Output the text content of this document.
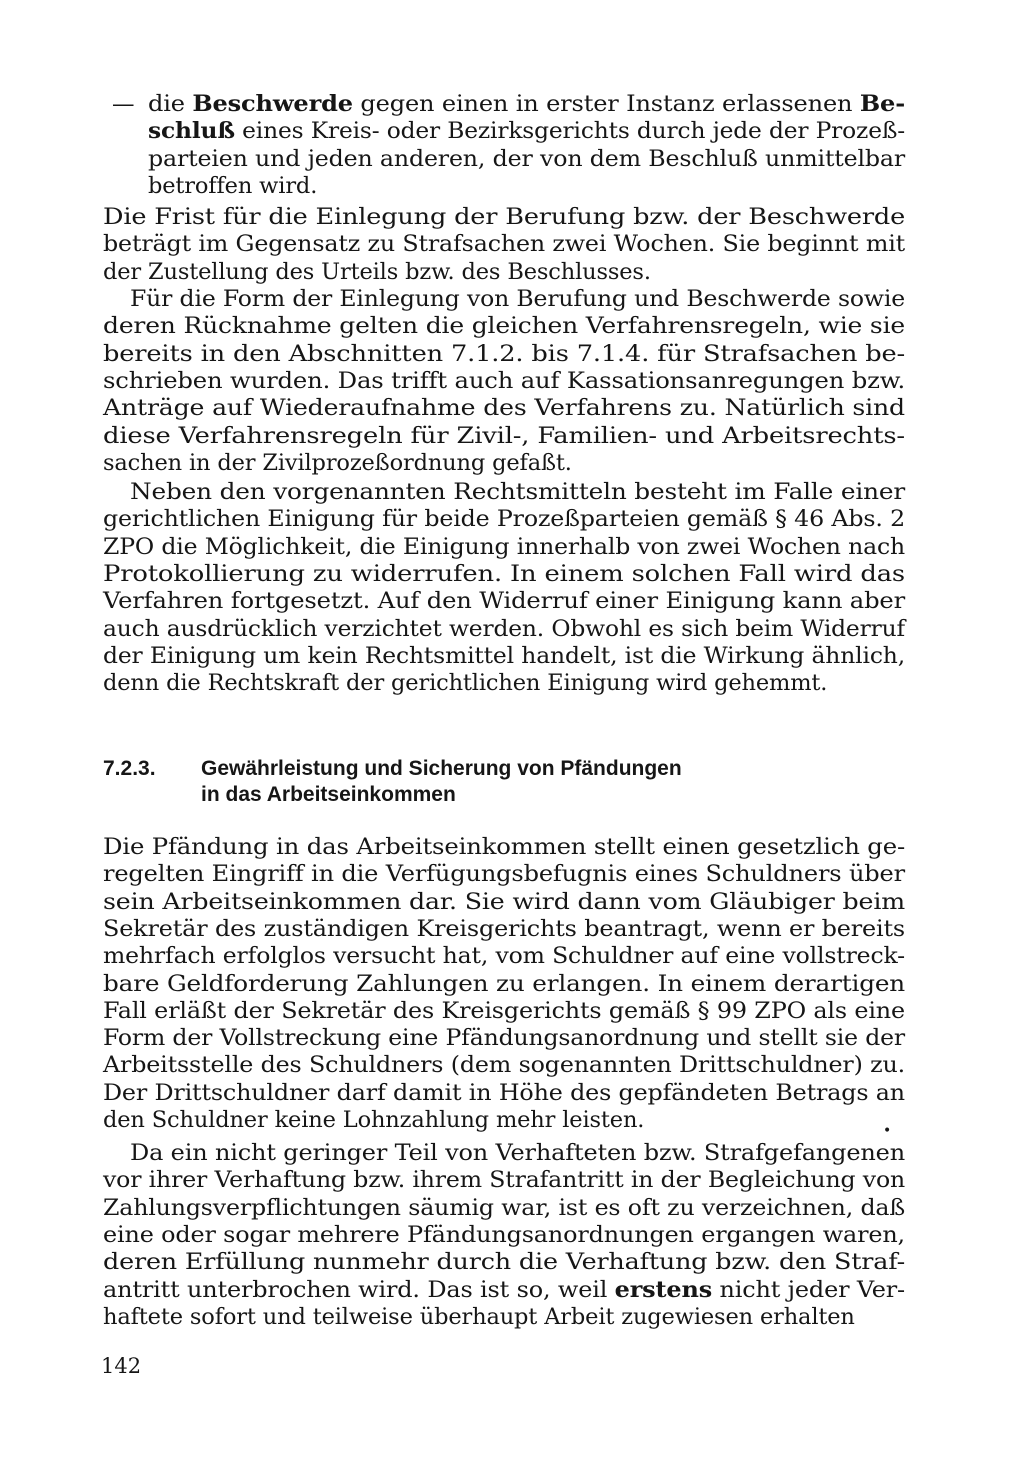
die Beschwerde gegen einen in erster Instanz erlassenen Be-
schluß eines Kreis- oder Bezirksgerichts durch jede der Prozeß-
parteien und jeden anderen, der von dem Beschluß unmittelbar
betroffen wird.
—
Die Frist für die Einlegung der Berufung bzw. der Beschwerde
beträgt im Gegensatz zu Strafsachen zwei Wochen. Sie beginnt mit
der Zustellung des Urteils bzw. des Beschlusses.
Für die Form der Einlegung von Berufung und Beschwerde sowie
deren Rücknahme gelten die gleichen Verfahrensregeln, wie sie
bereits in den Abschnitten 7.1.2. bis 7.1.4. für Strafsachen be-
schrieben wurden. Das trifft auch auf Kassationsanregungen bzw.
Anträge auf Wiederaufnahme des Verfahrens zu. Natürlich sind
diese Verfahrensregeln für Zivil-, Familien- und Arbeitsrechts-
sachen in der Zivilprozeßordnung gefaßt.
Neben den vorgenannten Rechtsmitteln besteht im Falle einer
gerichtlichen Einigung für beide Prozeßparteien gemäß § 46 Abs. 2
ZPO die Möglichkeit, die Einigung innerhalb von zwei Wochen nach
Protokollierung zu widerrufen. In einem solchen Fall wird das
Verfahren fortgesetzt. Auf den Widerruf einer Einigung kann aber
auch ausdrücklich verzichtet werden. Obwohl es sich beim Widerruf
der Einigung um kein Rechtsmittel handelt, ist die Wirkung ähnlich,
denn die Rechtskraft der gerichtlichen Einigung wird gehemmt.
Die Pfändung in das Arbeitseinkommen stellt einen gesetzlich ge-
regelten Eingriff in die Verfügungsbefugnis eines Schuldners über
sein Arbeitseinkommen dar. Sie wird dann vom Gläubiger beim
Sekretär des zuständigen Kreisgerichts beantragt, wenn er bereits
mehrfach erfolglos versucht hat, vom Schuldner auf eine vollstreck-
bare Geldforderung Zahlungen zu erlangen. In einem derartigen
Fall erläßt der Sekretär des Kreisgerichts gemäß § 99 ZPO als eine
Form der Vollstreckung eine Pfändungsanordnung und stellt sie der
Arbeitsstelle des Schuldners (dem sogenannten Drittschuldner) zu.
Der Drittschuldner darf damit in Höhe des gepfändeten Betrags an
den Schuldner keine Lohnzahlung mehr leisten.
Da ein nicht geringer Teil von Verhafteten bzw. Strafgefangenen
vor ihrer Verhaftung bzw. ihrem Strafantritt in der Begleichung von
Zahlungsverpflichtungen säumig war, ist es oft zu verzeichnen, daß
eine oder sogar mehrere Pfändungsanordnungen ergangen waren,
deren Erfüllung nunmehr durch die Verhaftung bzw. den Straf-
antritt unterbrochen wird. Das ist so, weil erstens nicht jeder Ver-
haftete sofort und teilweise überhaupt Arbeit zugewiesen erhalten
7.2.3. Gewährleistung und Sicherung von Pfändungen
in das Arbeitseinkommen
•
142
